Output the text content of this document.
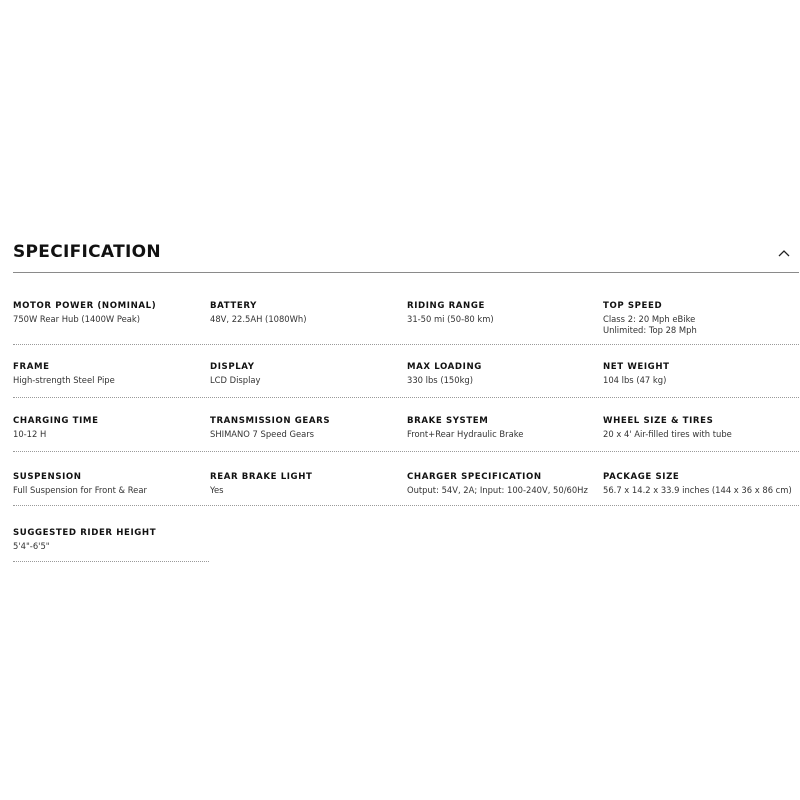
SPECIFICATION
MOTOR POWER (NOMINAL)
750W Rear Hub (1400W Peak)
BATTERY
48V, 22.5AH (1080Wh)
RIDING RANGE
31-50 mi (50-80 km)
TOP SPEED
Class 2: 20 Mph eBike
Unlimited: Top 28 Mph
FRAME
High-strength Steel Pipe
DISPLAY
LCD Display
MAX LOADING
330 lbs (150kg)
NET WEIGHT
104 lbs (47 kg)
CHARGING TIME
10-12 H
TRANSMISSION GEARS
SHIMANO 7 Speed Gears
BRAKE SYSTEM
Front+Rear Hydraulic Brake
WHEEL SIZE & TIRES
20 x 4' Air-filled tires with tube
SUSPENSION
Full Suspension for Front & Rear
REAR BRAKE LIGHT
Yes
CHARGER SPECIFICATION
Output: 54V, 2A; Input: 100-240V, 50/60Hz
PACKAGE SIZE
56.7 x 14.2 x 33.9 inches (144 x 36 x 86 cm)
SUGGESTED RIDER HEIGHT
5'4"-6'5"
